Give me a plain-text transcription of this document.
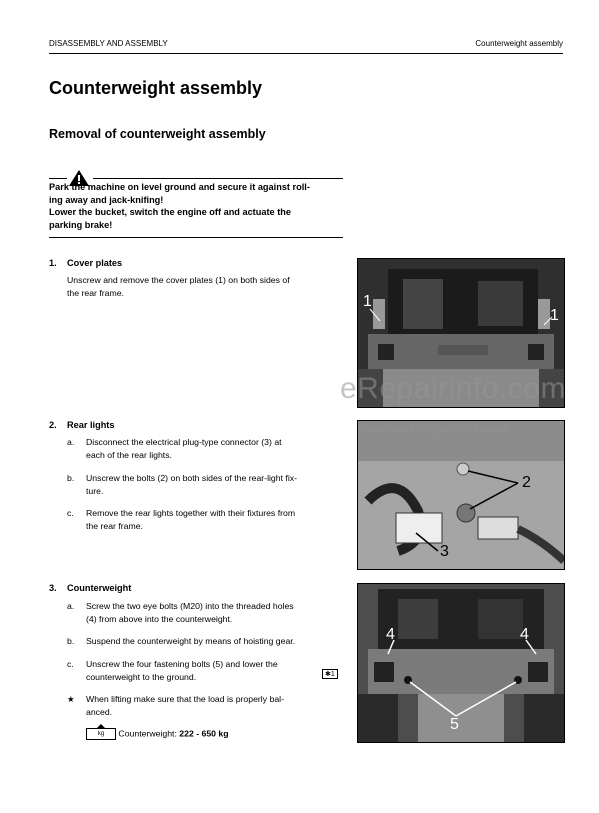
DISASSEMBLY AND ASSEMBLY	Counterweight assembly
Counterweight assembly
Removal of counterweight assembly
Park the machine on level ground and secure it against roll-
ing away and jack-knifing!
Lower the bucket, switch the engine off and actuate the
parking brake!
1. Cover plates
Unscrew and remove the cover plates (1) on both sides of
the rear frame.
1
1
2. Rear lights
a. Disconnect the electrical plug-type connector (3) at
each of the rear lights.
b. Unscrew the bolts (2) on both sides of the rear-light fix-
ture.
c. Remove the rear lights together with their fixtures from
the rear frame.
2
3
eRepairinfo.com
watermark only on this sample
3. Counterweight
a. Screw the two eye bolts (M20) into the threaded holes
(4) from above into the counterweight.
b. Suspend the counterweight by means of hoisting gear.
c. Unscrew the four fastening bolts (5) and lower the
counterweight to the ground.	✱1
★ When lifting make sure that the load is properly bal-
anced.
kg Counterweight: 222 - 650 kg
4	4
5
